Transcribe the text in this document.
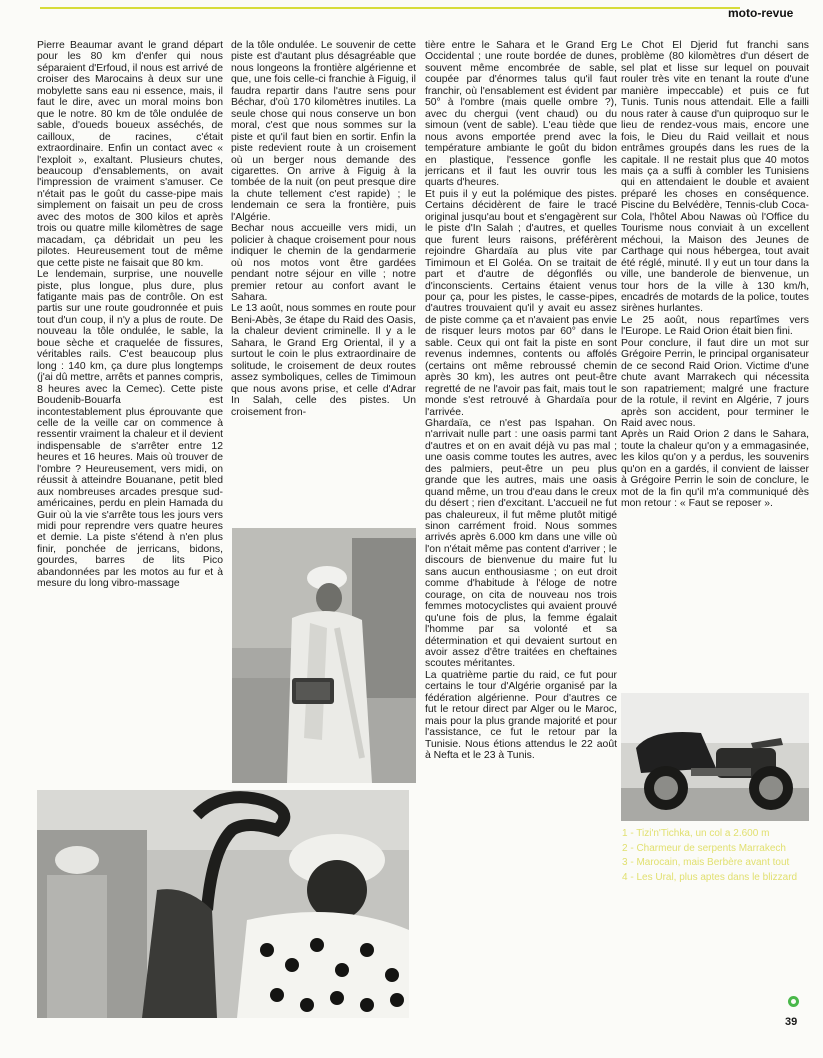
moto-revue

Pierre Beaumar avant le grand départ pour les 80 km d'enfer qui nous séparaient d'Erfoud, il nous est arrivé de croiser des Marocains à deux sur une mobylette sans eau ni essence, mais, il faut le dire, avec un moral moins bon que le notre. 80 km de tôle ondulée de sable, d'oueds boueux asséchés, de cailloux, de racines, c'était extraordinaire. Enfin un contact avec « l'exploit », exaltant. Plusieurs chutes, beaucoup d'ensablements, on avait l'impression de vraiment s'amuser. Ce n'était pas le goût du casse-pipe mais simplement on faisait un peu de cross avec des motos de 300 kilos et après trois ou quatre mille kilomètres de sage macadam, ça débridait un peu les pilotes. Heureusement tout de même que cette piste ne faisait que 80 km.

Le lendemain, surprise, une nouvelle piste, plus longue, plus dure, plus fatigante mais pas de contrôle. On est partis sur une route goudronnée et puis tout d'un coup, il n'y a plus de route. De nouveau la tôle ondulée, le sable, la boue sèche et craquelée de fissures, véritables rails. C'est beaucoup plus long : 140 km, ça dure plus longtemps (j'ai dû mettre, arrêts et pannes compris, 8 heures avec la Cemec). Cette piste Boudenib-Bouarfa est incontestablement plus éprouvante que celle de la veille car on commence à ressentir vraiment la chaleur et il devient indispensable de s'arrêter entre 12 heures et 16 heures. Mais où trouver de l'ombre ? Heureusement, vers midi, on réussit à atteindre Bouanane, petit bled aux nombreuses arcades presque sud-américaines, perdu en plein Hamada du Guir où la vie s'arrête tous les jours vers midi pour reprendre vers quatre heures et demie. La piste s'étend à n'en plus finir, ponchée de jerricans, bidons, gourdes, barres de lits Pico abandonnées par les motos au fur et à mesure du long vibro-massage

de la tôle ondulée. Le souvenir de cette piste est d'autant plus désagréable que nous longeons la frontière algérienne et que, une fois celle-ci franchie à Figuig, il faudra repartir dans l'autre sens pour Béchar, d'où 170 kilomètres inutiles. La seule chose qui nous conserve un bon moral, c'est que nous sommes sur la piste et qu'il faut bien en sortir. Enfin la piste redevient route à un croisement où un berger nous demande des cigarettes. On arrive à Figuig à la tombée de la nuit (on peut presque dire la chute tellement c'est rapide) ; le lendemain ce sera la frontière, puis l'Algérie.

Bechar nous accueille vers midi, un policier à chaque croisement pour nous indiquer le chemin de la gendarmerie où nos motos vont être gardées pendant notre séjour en ville ; notre premier retour au confort avant le Sahara.

Le 13 août, nous sommes en route pour Beni-Abès, 3e étape du Raid des Oasis, la chaleur devient criminelle. Il y a le Sahara, le Grand Erg Oriental, il y a surtout le coin le plus extraordinaire de solitude, le croisement de deux routes assez symboliques, celles de Timimoun que nous avons prise, et celle d'Adrar In Salah, celle des pistes. Un croisement fron-

tière entre le Sahara et le Grand Erg Occidental ; une route bordée de dunes, souvent même encombrée de sable, coupée par d'énormes talus qu'il faut franchir, où l'ensablement est évident par 50° à l'ombre (mais quelle ombre ?), avec du chergui (vent chaud) ou du simoun (vent de sable). L'eau tiède que nous avons emportée prend avec la température ambiante le goût du bidon en plastique, l'essence gonfle les jerricans et il faut les ouvrir tous les quarts d'heures.

Et puis il y eut la polémique des pistes. Certains décidèrent de faire le tracé original jusqu'au bout et s'engagèrent sur le piste d'In Salah ; d'autres, et quelles que furent leurs raisons, préférèrent rejoindre Ghardaïa au plus vite par Timimoun et El Goléa. On se traitait de part et d'autre de dégonflés ou d'inconscients. Certains étaient venus pour ça, pour les pistes, le casse-pipes, d'autres trouvaient qu'il y avait eu assez de piste comme ça et n'avaient pas envie de risquer leurs motos par 60° dans le sable. Ceux qui ont fait la piste en sont revenus indemnes, contents ou affolés (certains ont même rebroussé chemin après 30 km), les autres ont peut-être regretté de ne l'avoir pas fait, mais tout le monde s'est retrouvé à Ghardaïa pour l'arrivée.

Ghardaïa, ce n'est pas Ispahan. On n'arrivait nulle part : une oasis parmi tant d'autres et on en avait déjà vu pas mal ; une oasis comme toutes les autres, avec des palmiers, peut-être un peu plus grande que les autres, mais une oasis quand même, un trou d'eau dans le creux du désert ; rien d'excitant. L'accueil ne fut pas chaleureux, il fut même plutôt mitigé sinon carrément froid. Nous sommes arrivés après 6.000 km dans une ville où l'on n'était même pas content d'arriver ; le discours de bienvenue du maire fut lu sans aucun enthousiasme ; on eut droit comme d'habitude à l'éloge de notre courage, on cita de nouveau nos trois femmes motocyclistes qui avaient prouvé qu'une fois de plus, la femme égalait l'homme par sa volonté et sa détermination et qui devaient surtout en avoir assez d'être traitées en cheftaines scoutes méritantes.

La quatrième partie du raid, ce fut pour certains le tour d'Algérie organisé par la fédération algérienne. Pour d'autres ce fut le retour direct par Alger ou le Maroc, mais pour la plus grande majorité et pour l'assistance, ce fut le retour par la Tunisie. Nous étions attendus le 22 août à Nefta et le 23 à Tunis.

Le Chot El Djerid fut franchi sans problème (80 kilomètres d'un désert de sel plat et lisse sur lequel on pouvait rouler très vite en tenant la route d'une manière impeccable) et puis ce fut Tunis. Tunis nous attendait. Elle a failli nous rater à cause d'un quiproquo sur le lieu de rendez-vous mais, encore une fois, le Dieu du Raid veillait et nous entrâmes groupés dans les rues de la capitale. Il ne restait plus que 40 motos mais ça a suffi à combler les Tunisiens qui en attendaient le double et avaient préparé les choses en conséquence. Piscine du Belvédère, Tennis-club Coca-Cola, l'hôtel Abou Nawas où l'Office du Tourisme nous conviait à un excellent méchoui, la Maison des Jeunes de Carthage qui nous hébergea, tout avait été réglé, minuté. Il y eut un tour dans la ville, une banderole de bienvenue, un tour hors de la ville à 130 km/h, encadrés de motards de la police, toutes sirènes hurlantes.

Le 25 août, nous repartîmes vers l'Europe. Le Raid Orion était bien fini.

Pour conclure, il faut dire un mot sur Grégoire Perrin, le principal organisateur de ce second Raid Orion. Victime d'une chute avant Marrakech qui nécessita son rapatriement; malgré une fracture de la rotule, il revint en Algérie, 7 jours après son accident, pour terminer le Raid avec nous.

Après un Raid Orion 2 dans le Sahara, toute la chaleur qu'on y a emmagasinée, les kilos qu'on y a perdus, les souvenirs qu'on en a gardés, il convient de laisser à Grégoire Perrin le soin de conclure, le mot de la fin qu'il m'a communiqué dès mon retour : « Faut se reposer ».

1 - Tizi'n'Tichka, un col a 2.600 m
2 - Charmeur de serpents Marrakech
3 - Marocain, mais Berbère avant tout
4 - Les Ural, plus aptes dans le blizzard
39
